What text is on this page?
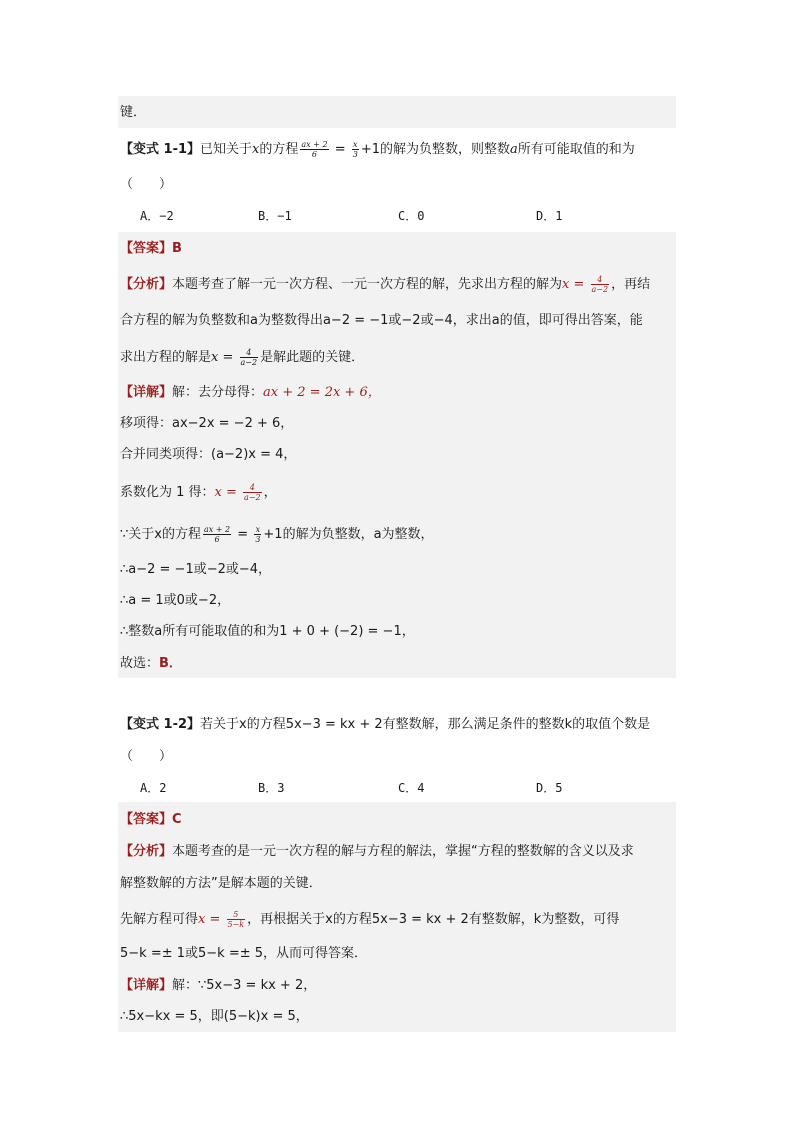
键．
【变式 1-1】已知关于x的方程 $\frac{ax + 2}{6} = \frac{x}{3} +1$的解为负整数，则整数a所有可能取值的和为
（　　）
A．−2	B．−1	C．0	D．1
【答案】B
【分析】本题考查了解一元一次方程、一元一次方程的解，先求出方程的解为$x = \frac{4}{a-2}$ ，再结
合方程的解为负整数和a为整数得出a−2 = −1或−2或−4，求出a的值，即可得出答案，能
求出方程的解是$x = \frac{4}{a-2}$ 是解此题的关键．
【详解】解：去分母得：ax + 2 = 2x + 6，
移项得：ax−2x = −2 + 6，
合并同类项得：(a−2)x = 4，
系数化为 1 得：$x = \frac{4}{a-2}$ ，
∵关于x的方程 $\frac{ax + 2}{6} = \frac{x}{3} +1$的解为负整数，a为整数，
∴a−2 = −1或−2或−4，
∴a = 1或0或−2，
∴整数a所有可能取值的和为1 + 0 + (−2) = −1，
故选：B．
【变式 1-2】若关于x的方程5x−3 = kx + 2有整数解，那么满足条件的整数k的取值个数是
（　　）
A．2	B．3	C．4	D．5
【答案】C
【分析】本题考查的是一元一次方程的解与方程的解法，掌握“方程的整数解的含义以及求
解整数解的方法”是解本题的关键．
先解方程可得$x = \frac{5}{5-k}$ ，再根据关于x的方程5x−3 = kx + 2有整数解，k为整数，可得
5−k =± 1或5−k =± 5，从而可得答案．
【详解】解：∵5x−3 = kx + 2，
∴5x−kx = 5，即(5−k)x = 5，
